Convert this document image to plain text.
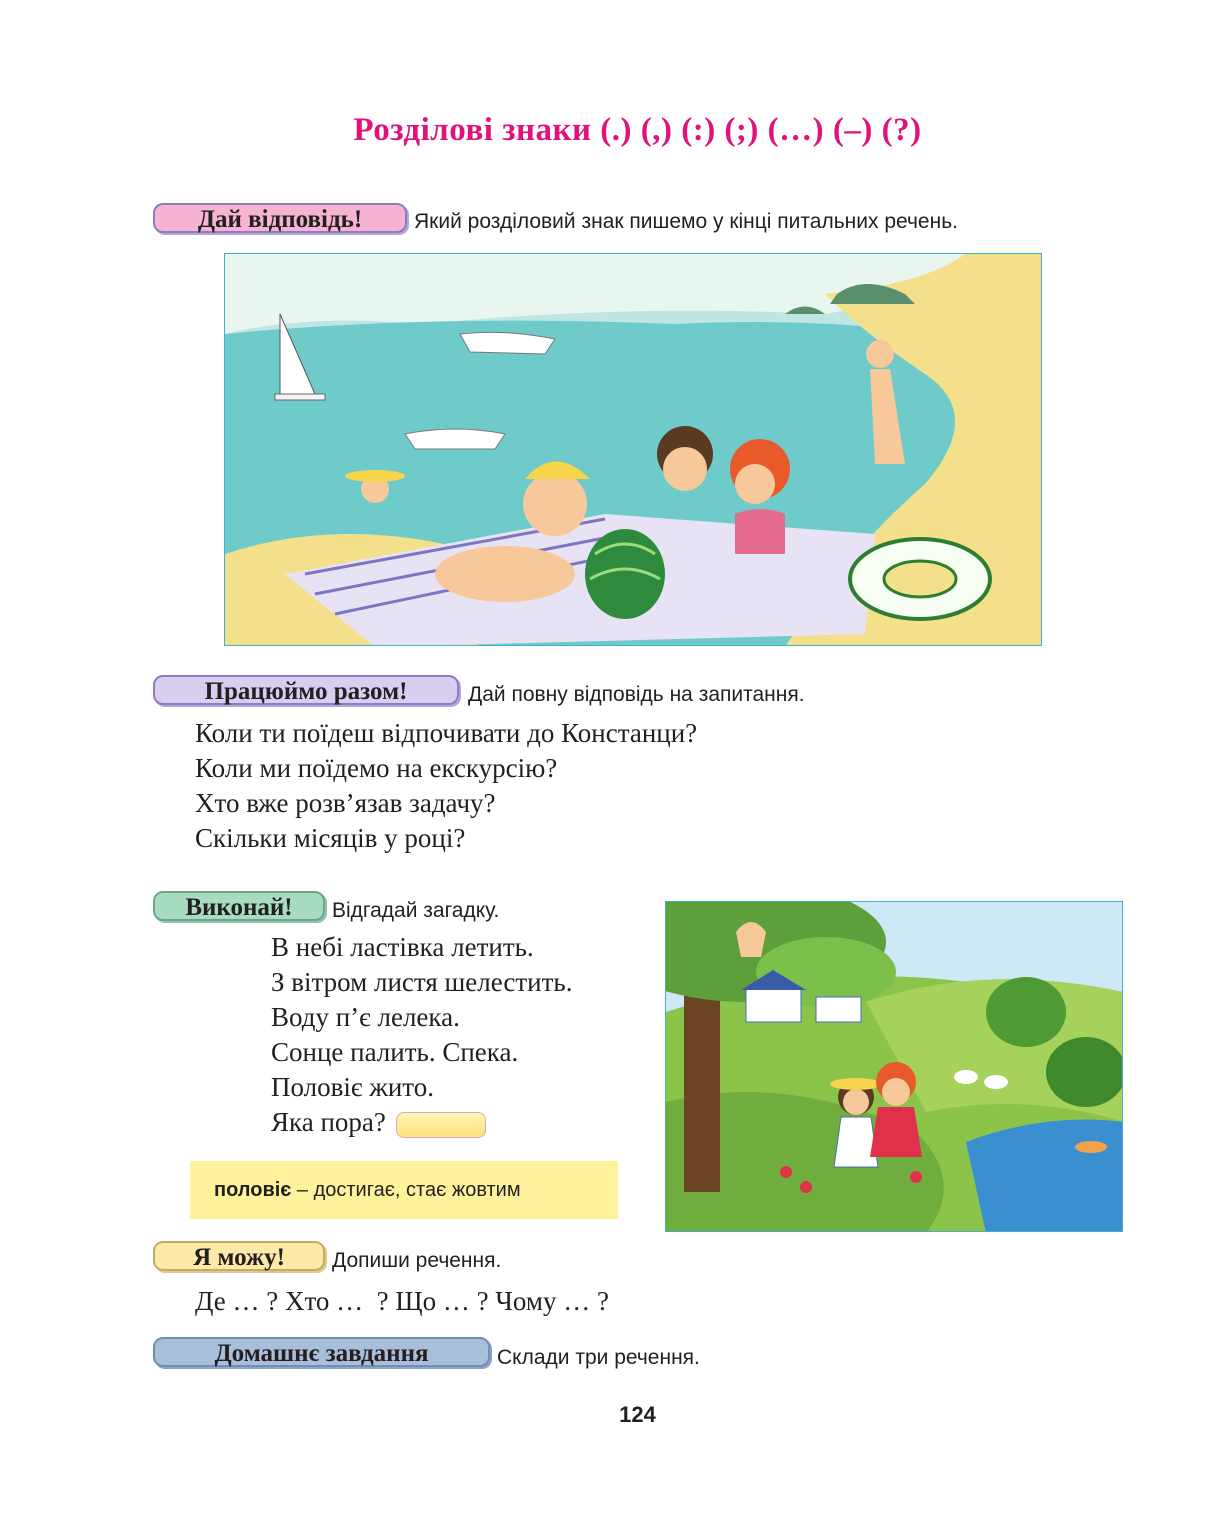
Розділові знаки (.) (,) (:) (;) (…) (–) (?)
Дай відповідь!	Який розділовий знак пишемо у кінці питальних речень.
Працюймо разом!	Дай повну відповідь на запитання.
Коли ти поїдеш відпочивати до Констанци?
Коли ми поїдемо на екскурсію?
Хто вже розв’язав задачу?
Скільки місяців у році?
Виконай!	Відгадай загадку.
В небі ластівка летить.
З вітром листя шелестить.
Воду п’є лелека.
Сонце палить. Спека.
Половіє жито.
Яка пора?
половіє – достигає, стає жовтим
Я можу!	Допиши речення.
Де … ? Хто …  ? Що … ? Чому … ?
Домашнє завдання	Склади три речення.
124
